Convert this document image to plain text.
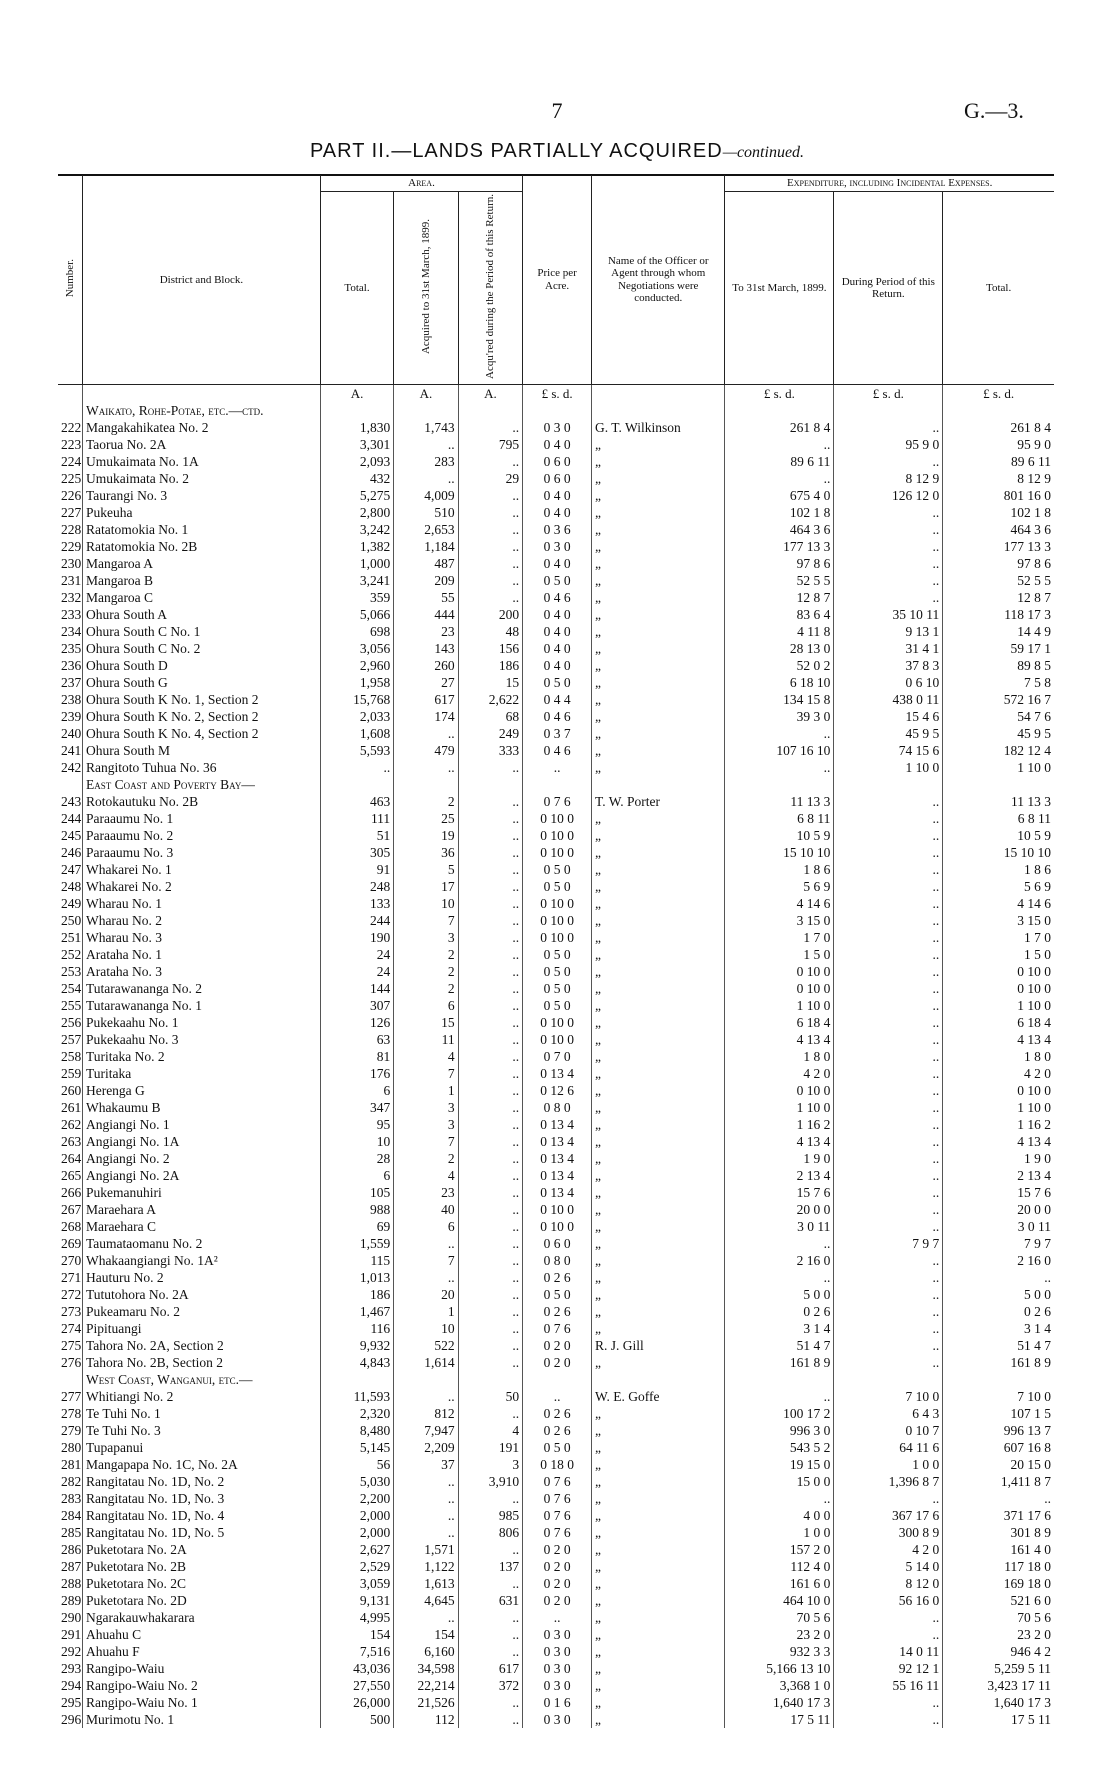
7	G.—3.
PART II.—LANDS PARTIALLY ACQUIRED—continued.
Number.	District and Block.	Area.			Price per Acre.	Name of the Officer or Agent through whom Negotiations were conducted.	Expenditure, including Incidental Expenses.		
		Total.	Acquired to 31st March, 1899.	Acqu'red during the Period of this Return.			To 31st March, 1899.	During Period of this Return.	Total.
		A.	A.	A.	£ s. d.		£ s. d.	£ s. d.	£ s. d.
	Waikato, Rohe-Potae, etc.—ctd.								
222	Mangakahikatea No. 2	1,830	1,743	..	0 3 0	G. T. Wilkinson	261 8 4	..	261 8 4
223	Taorua No. 2A	3,301	..	795	0 4 0	„	..	95 9 0	95 9 0
224	Umukaimata No. 1A	2,093	283	..	0 6 0	„	89 6 11	..	89 6 11
225	Umukaimata No. 2	432	..	29	0 6 0	„	..	8 12 9	8 12 9
226	Taurangi No. 3	5,275	4,009	..	0 4 0	„	675 4 0	126 12 0	801 16 0
227	Pukeuha	2,800	510	..	0 4 0	„	102 1 8	..	102 1 8
228	Ratatomokia No. 1	3,242	2,653	..	0 3 6	„	464 3 6	..	464 3 6
229	Ratatomokia No. 2B	1,382	1,184	..	0 3 0	„	177 13 3	..	177 13 3
230	Mangaroa A	1,000	487	..	0 4 0	„	97 8 6	..	97 8 6
231	Mangaroa B	3,241	209	..	0 5 0	„	52 5 5	..	52 5 5
232	Mangaroa C	359	55	..	0 4 6	„	12 8 7	..	12 8 7
233	Ohura South A	5,066	444	200	0 4 0	„	83 6 4	35 10 11	118 17 3
234	Ohura South C No. 1	698	23	48	0 4 0	„	4 11 8	9 13 1	14 4 9
235	Ohura South C No. 2	3,056	143	156	0 4 0	„	28 13 0	31 4 1	59 17 1
236	Ohura South D	2,960	260	186	0 4 0	„	52 0 2	37 8 3	89 8 5
237	Ohura South G	1,958	27	15	0 5 0	„	6 18 10	0 6 10	7 5 8
238	Ohura South K No. 1, Section 2	15,768	617	2,622	0 4 4	„	134 15 8	438 0 11	572 16 7
239	Ohura South K No. 2, Section 2	2,033	174	68	0 4 6	„	39 3 0	15 4 6	54 7 6
240	Ohura South K No. 4, Section 2	1,608	..	249	0 3 7	„	..	45 9 5	45 9 5
241	Ohura South M	5,593	479	333	0 4 6	„	107 16 10	74 15 6	182 12 4
242	Rangitoto Tuhua No. 36	..	..	..	..	„	..	1 10 0	1 10 0
	East Coast and Poverty Bay—								
243	Rotokautuku No. 2B	463	2	..	0 7 6	T. W. Porter	11 13 3	..	11 13 3
244	Paraaumu No. 1	111	25	..	0 10 0	„	6 8 11	..	6 8 11
245	Paraaumu No. 2	51	19	..	0 10 0	„	10 5 9	..	10 5 9
246	Paraaumu No. 3	305	36	..	0 10 0	„	15 10 10	..	15 10 10
247	Whakarei No. 1	91	5	..	0 5 0	„	1 8 6	..	1 8 6
248	Whakarei No. 2	248	17	..	0 5 0	„	5 6 9	..	5 6 9
249	Wharau No. 1	133	10	..	0 10 0	„	4 14 6	..	4 14 6
250	Wharau No. 2	244	7	..	0 10 0	„	3 15 0	..	3 15 0
251	Wharau No. 3	190	3	..	0 10 0	„	1 7 0	..	1 7 0
252	Arataha No. 1	24	2	..	0 5 0	„	1 5 0	..	1 5 0
253	Arataha No. 3	24	2	..	0 5 0	„	0 10 0	..	0 10 0
254	Tutarawananga No. 2	144	2	..	0 5 0	„	0 10 0	..	0 10 0
255	Tutarawananga No. 1	307	6	..	0 5 0	„	1 10 0	..	1 10 0
256	Pukekaahu No. 1	126	15	..	0 10 0	„	6 18 4	..	6 18 4
257	Pukekaahu No. 3	63	11	..	0 10 0	„	4 13 4	..	4 13 4
258	Turitaka No. 2	81	4	..	0 7 0	„	1 8 0	..	1 8 0
259	Turitaka	176	7	..	0 13 4	„	4 2 0	..	4 2 0
260	Herenga G	6	1	..	0 12 6	„	0 10 0	..	0 10 0
261	Whakaumu B	347	3	..	0 8 0	„	1 10 0	..	1 10 0
262	Angiangi No. 1	95	3	..	0 13 4	„	1 16 2	..	1 16 2
263	Angiangi No. 1A	10	7	..	0 13 4	„	4 13 4	..	4 13 4
264	Angiangi No. 2	28	2	..	0 13 4	„	1 9 0	..	1 9 0
265	Angiangi No. 2A	6	4	..	0 13 4	„	2 13 4	..	2 13 4
266	Pukemanuhiri	105	23	..	0 13 4	„	15 7 6	..	15 7 6
267	Maraehara A	988	40	..	0 10 0	„	20 0 0	..	20 0 0
268	Maraehara C	69	6	..	0 10 0	„	3 0 11	..	3 0 11
269	Taumataomanu No. 2	1,559	..	..	0 6 0	„	..	7 9 7	7 9 7
270	Whakaangiangi No. 1A²	115	7	..	0 8 0	„	2 16 0	..	2 16 0
271	Hauturu No. 2	1,013	..	..	0 2 6	„	..	..	..
272	Tututohora No. 2A	186	20	..	0 5 0	„	5 0 0	..	5 0 0
273	Pukeamaru No. 2	1,467	1	..	0 2 6	„	0 2 6	..	0 2 6
274	Pipituangi	116	10	..	0 7 6	„	3 1 4	..	3 1 4
275	Tahora No. 2A, Section 2	9,932	522	..	0 2 0	R. J. Gill	51 4 7	..	51 4 7
276	Tahora No. 2B, Section 2	4,843	1,614	..	0 2 0	„	161 8 9	..	161 8 9
	West Coast, Wanganui, etc.—								
277	Whitiangi No. 2	11,593	..	50	..	W. E. Goffe	..	7 10 0	7 10 0
278	Te Tuhi No. 1	2,320	812	..	0 2 6	„	100 17 2	6 4 3	107 1 5
279	Te Tuhi No. 3	8,480	7,947	4	0 2 6	„	996 3 0	0 10 7	996 13 7
280	Tupapanui	5,145	2,209	191	0 5 0	„	543 5 2	64 11 6	607 16 8
281	Mangapapa No. 1C, No. 2A	56	37	3	0 18 0	„	19 15 0	1 0 0	20 15 0
282	Rangitatau No. 1D, No. 2	5,030	..	3,910	0 7 6	„	15 0 0	1,396 8 7	1,411 8 7
283	Rangitatau No. 1D, No. 3	2,200	..	..	0 7 6	„	..	..	..
284	Rangitatau No. 1D, No. 4	2,000	..	985	0 7 6	„	4 0 0	367 17 6	371 17 6
285	Rangitatau No. 1D, No. 5	2,000	..	806	0 7 6	„	1 0 0	300 8 9	301 8 9
286	Puketotara No. 2A	2,627	1,571	..	0 2 0	„	157 2 0	4 2 0	161 4 0
287	Puketotara No. 2B	2,529	1,122	137	0 2 0	„	112 4 0	5 14 0	117 18 0
288	Puketotara No. 2C	3,059	1,613	..	0 2 0	„	161 6 0	8 12 0	169 18 0
289	Puketotara No. 2D	9,131	4,645	631	0 2 0	„	464 10 0	56 16 0	521 6 0
290	Ngarakauwhakarara	4,995	..	..	..	„	70 5 6	..	70 5 6
291	Ahuahu C	154	154	..	0 3 0	„	23 2 0	..	23 2 0
292	Ahuahu F	7,516	6,160	..	0 3 0	„	932 3 3	14 0 11	946 4 2
293	Rangipo-Waiu	43,036	34,598	617	0 3 0	„	5,166 13 10	92 12 1	5,259 5 11
294	Rangipo-Waiu No. 2	27,550	22,214	372	0 3 0	„	3,368 1 0	55 16 11	3,423 17 11
295	Rangipo-Waiu No. 1	26,000	21,526	..	0 1 6	„	1,640 17 3	..	1,640 17 3
296	Murimotu No. 1	500	112	..	0 3 0	„	17 5 11	..	17 5 11
